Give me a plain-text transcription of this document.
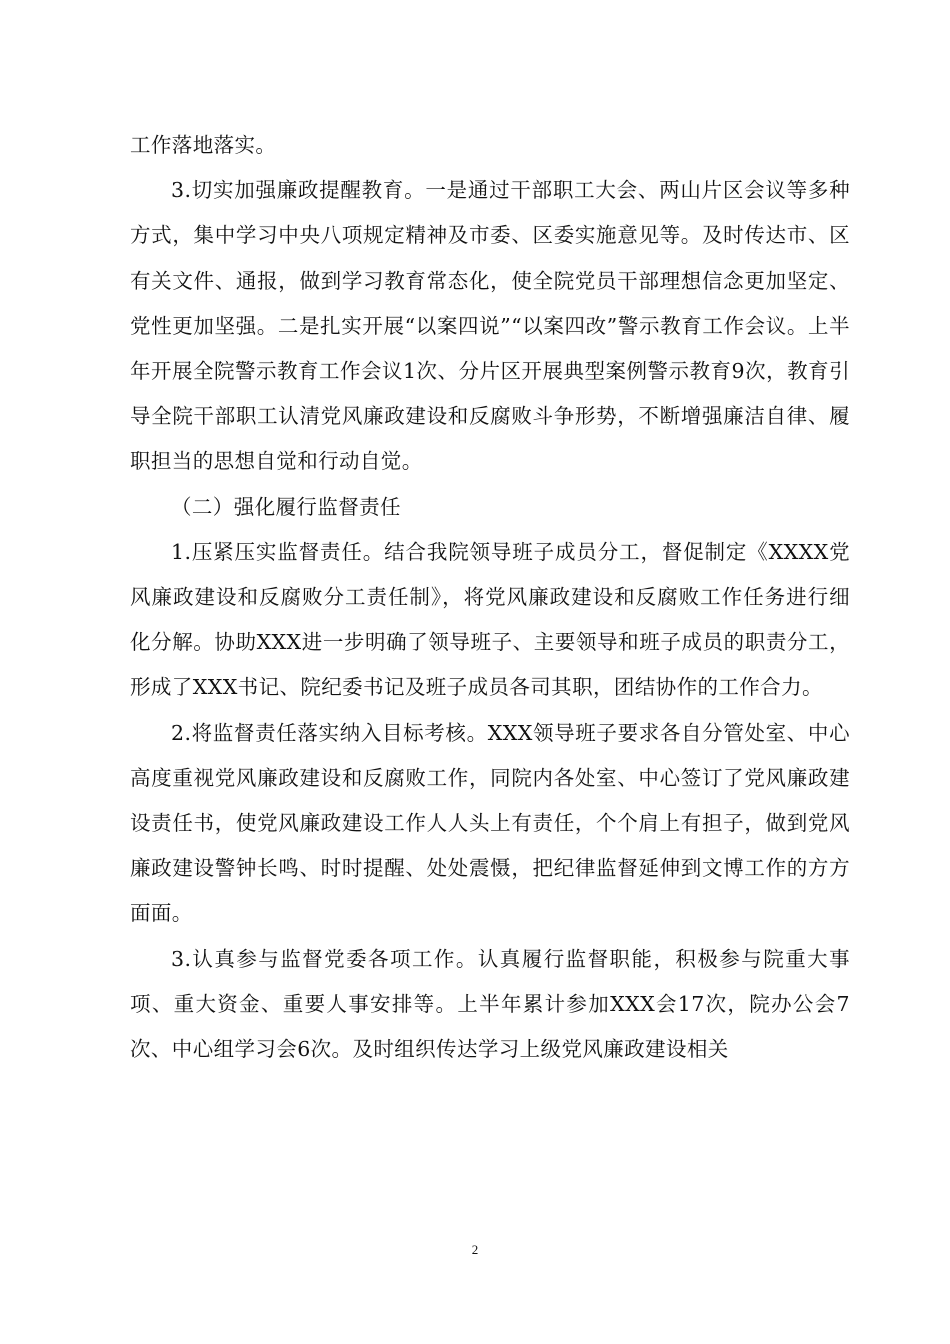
工作落地落实。

3.切实加强廉政提醒教育。一是通过干部职工大会、两山片区会议等多种方式，集中学习中央八项规定精神及市委、区委实施意见等。及时传达市、区有关文件、通报，做到学习教育常态化，使全院党员干部理想信念更加坚定、党性更加坚强。二是扎实开展“以案四说”“以案四改”警示教育工作会议。上半年开展全院警示教育工作会议1次、分片区开展典型案例警示教育9次，教育引导全院干部职工认清党风廉政建设和反腐败斗争形势，不断增强廉洁自律、履职担当的思想自觉和行动自觉。

（二）强化履行监督责任

1.压紧压实监督责任。结合我院领导班子成员分工，督促制定《XXXX党风廉政建设和反腐败分工责任制》，将党风廉政建设和反腐败工作任务进行细化分解。协助XXX进一步明确了领导班子、主要领导和班子成员的职责分工，形成了XXX书记、院纪委书记及班子成员各司其职，团结协作的工作合力。

2.将监督责任落实纳入目标考核。XXX领导班子要求各自分管处室、中心高度重视党风廉政建设和反腐败工作，同院内各处室、中心签订了党风廉政建设责任书，使党风廉政建设工作人人头上有责任，个个肩上有担子，做到党风廉政建设警钟长鸣、时时提醒、处处震慑，把纪律监督延伸到文博工作的方方面面。

3.认真参与监督党委各项工作。认真履行监督职能，积极参与院重大事项、重大资金、重要人事安排等。上半年累计参加XXX会17次，院办公会7次、中心组学习会6次。及时组织传达学习上级党风廉政建设相关

2
